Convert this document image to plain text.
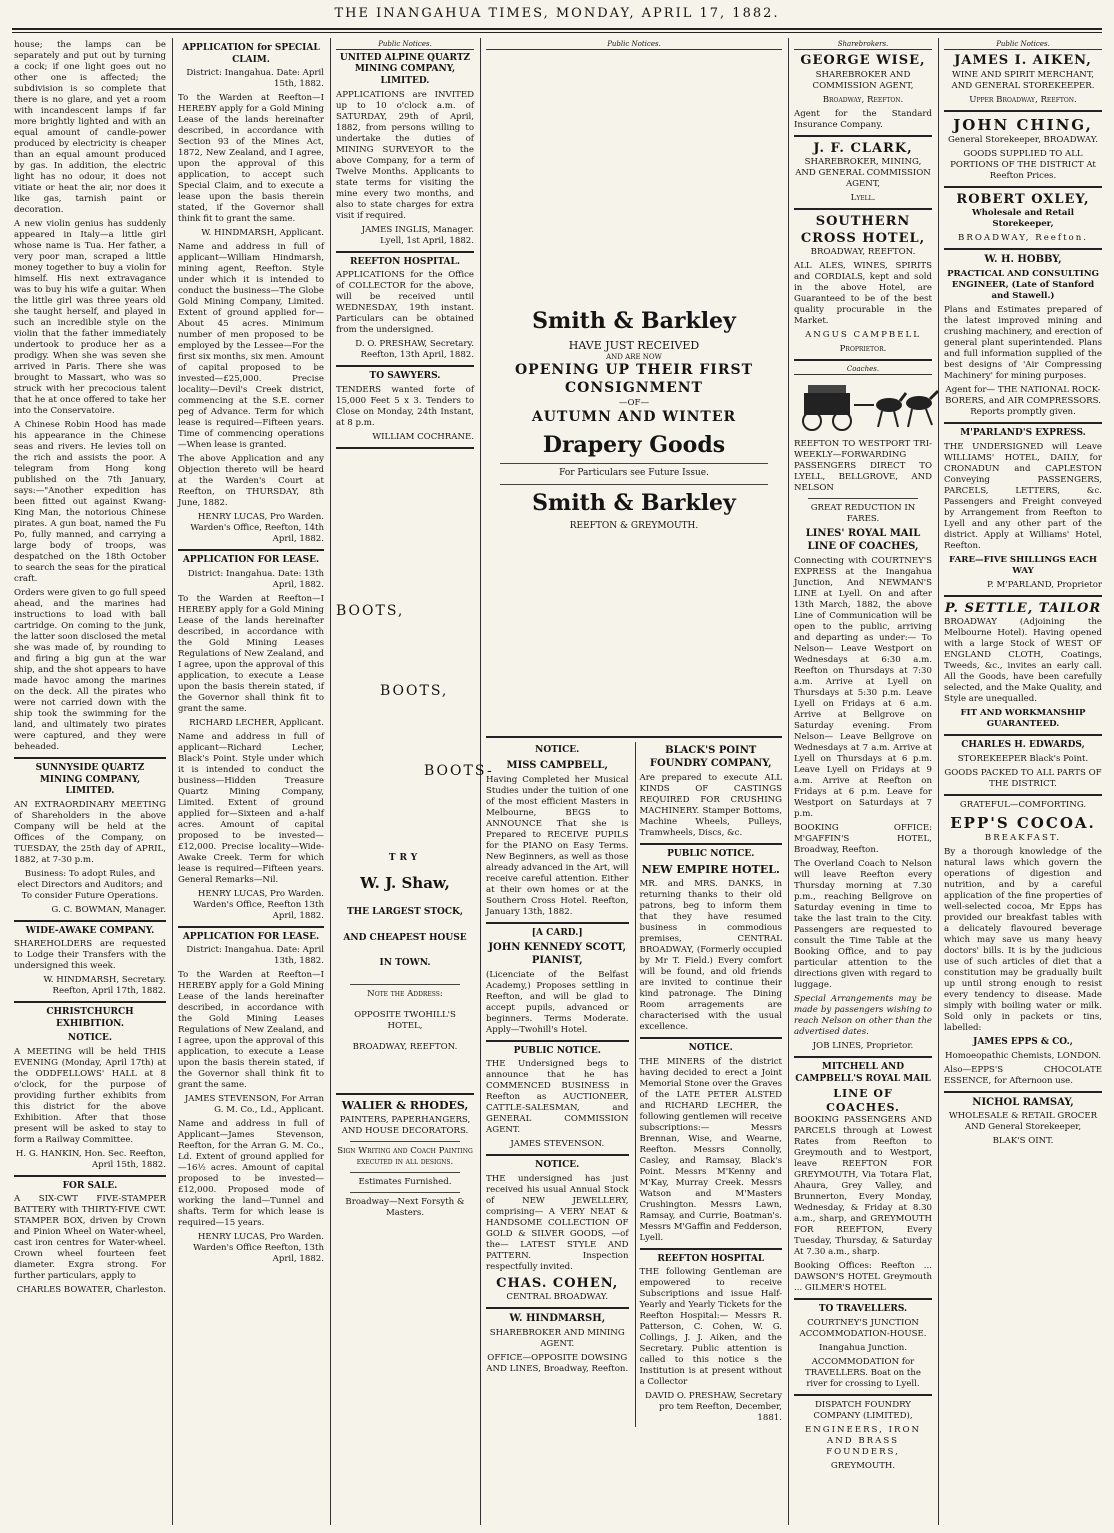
THE INANGAHUA TIMES, MONDAY, APRIL 17, 1882.

house; the lamps can be separately and put out by turning a cock; if one light goes out no other one is affected; the subdivision is so complete that there is no glare, and yet a room with incandescent lamps if far more brightly lighted and with an equal amount of candle-power produced by electricity is cheaper than an equal amount produced by gas. In addition, the electric light has no odour, it does not vitiate or heat the air, nor does it like gas, tarnish paint or decoration.

A new violin genius has suddenly appeared in Italy—a little girl whose name is Tua. Her father, a very poor man, scraped a little money together to buy a violin for himself. His next extravagance was to buy his wife a guitar. When the little girl was three years old she taught herself, and played in such an incredible style on the violin that the father immediately undertook to produce her as a prodigy. When she was seven she arrived in Paris. There she was brought to Massart, who was so struck with her precocious talent that he at once offered to take her into the Conservatoire.

A Chinese Robin Hood has made his appearance in the Chinese seas and rivers. He levies toll on the rich and assists the poor. A telegram from Hong kong published on the 7th January, says:—"Another expedition has been fitted out against Kwang-King Man, the notorious Chinese pirates. A gun boat, named the Fu Po, fully manned, and carrying a large body of troops, was despatched on the 18th October to search the seas for the piratical craft.

Orders were given to go full speed ahead, and the marines had instructions to load with ball cartridge. On coming to the junk, the latter soon disclosed the metal she was made of, by rounding to and firing a big gun at the war ship, and the shot appears to have made havoc among the marines on the deck. All the pirates who were not carried down with the ship took the swimming for the land, and ultimately two pirates were captured, and they were beheaded.

SUNNYSIDE QUARTZ MINING COMPANY, LIMITED.

AN EXTRAORDINARY MEETING of Shareholders in the above Company will be held at the Offices of the Company, on TUESDAY, the 25th day of APRIL, 1882, at 7-30 p.m.

Business: To adopt Rules, and elect Directors and Auditors; and To consider Future Operations.

G. C. BOWMAN, Manager.

WIDE-AWAKE COMPANY.

SHAREHOLDERS are requested to Lodge their Transfers with the undersigned this week.

W. HINDMARSH, Secretary. Reefton, April 17th, 1882.

CHRISTCHURCH EXHIBITION.
NOTICE.

A MEETING will be held THIS EVENING (Monday, April 17th) at the ODDFELLOWS' HALL at 8 o'clock, for the purpose of providing further exhibits from this district for the above Exhibition. After that those present will be asked to stay to form a Railway Committee.

H. G. HANKIN, Hon. Sec. Reefton, April 15th, 1882.

FOR SALE.

A SIX-CWT FIVE-STAMPER BATTERY with THIRTY-FIVE CWT. STAMPER BOX, driven by Crown and Pinion Wheel on Water-wheel, cast iron centres for Water-wheel. Crown wheel fourteen feet diameter. Exgra strong. For further particulars, apply to

CHARLES BOWATER, Charleston.

APPLICATION for SPECIAL CLAIM.

District: Inangahua. Date: April 15th, 1882.

To the Warden at Reefton—I HEREBY apply for a Gold Mining Lease of the lands hereinafter described, in accordance with Section 93 of the Mines Act, 1872, New Zealand, and I agree, upon the approval of this application, to accept such Special Claim, and to execute a lease upon the basis therein stated, if the Governor shall think fit to grant the same.

W. HINDMARSH, Applicant.

Name and address in full of applicant—William Hindmarsh, mining agent, Reefton. Style under which it is intended to conduct the business—The Globe Gold Mining Company, Limited. Extent of ground applied for—About 45 acres. Minimum number of men proposed to be employed by the Lessee—For the first six months, six men. Amount of capital proposed to be invested—£25,000. Precise locality—Devil's Creek district, commencing at the S.E. corner peg of Advance. Term for which lease is required—Fifteen years. Time of commencing operations—When lease is granted.

The above Application and any Objection thereto will be heard at the Warden's Court at Reefton, on THURSDAY, 8th June, 1882.

HENRY LUCAS, Pro Warden. Warden's Office, Reefton, 14th April, 1882.

APPLICATION FOR LEASE.

District: Inangahua. Date: 13th April, 1882.

To the Warden at Reefton—I HEREBY apply for a Gold Mining Lease of the lands hereinafter described, in accordance with the Gold Mining Leases Regulations of New Zealand, and I agree, upon the approval of this application, to execute a Lease upon the basis therein stated, if the Governor shall think fit to grant the same.

RICHARD LECHER, Applicant.

Name and address in full of applicant—Richard Lecher, Black's Point. Style under which it is intended to conduct the business—Hidden Treasure Quartz Mining Company, Limited. Extent of ground applied for—Sixteen and a-half acres. Amount of capital proposed to be invested—£12,000. Precise locality—Wide-Awake Creek. Term for which lease is required—Fifteen years. General Remarks—Nil.

HENRY LUCAS, Pro Warden. Warden's Office, Reefton 13th April, 1882.

APPLICATION FOR LEASE.

District: Inangahua. Date: April 13th, 1882.

To the Warden at Reefton—I HEREBY apply for a Gold Mining Lease of the lands hereinafter described, in accordance with the Gold Mining Leases Regulations of New Zealand, and I agree, upon the approval of this application, to execute a Lease upon the basis therein stated, if the Governor shall think fit to grant the same.

JAMES STEVENSON, For Arran G. M. Co., Ld., Applicant.

Name and address in full of Applicant—James Stevenson, Reefton, for the Arran G. M. Co., Ld. Extent of ground applied for—16½ acres. Amount of capital proposed to be invested—£12,000. Proposed mode of working the land—Tunnel and shafts. Term for which lease is required—15 years.

HENRY LUCAS, Pro Warden. Warden's Office Reefton, 13th April, 1882.

Public Notices.
UNITED ALPINE QUARTZ MINING COMPANY, LIMITED.

APPLICATIONS are INVITED up to 10 o'clock a.m. of SATURDAY, 29th of April, 1882, from persons willing to undertake the duties of MINING SURVEYOR to the above Company, for a term of Twelve Months. Applicants to state terms for visiting the mine every two months, and also to state charges for extra visit if required.

JAMES INGLIS, Manager. Lyell, 1st April, 1882.

REEFTON HOSPITAL.

APPLICATIONS for the Office of COLLECTOR for the above, will be received until WEDNESDAY, 19th instant. Particulars can be obtained from the undersigned.

D. O. PRESHAW, Secretary. Reefton, 13th April, 1882.

TO SAWYERS.

TENDERS wanted forte of 15,000 Feet 5 x 3. Tenders to Close on Monday, 24th Instant, at 8 p.m.

WILLIAM COCHRANE.

BOOTS,
BOOTS,
BOOTS-
TRY
W. J. Shaw,
THE LARGEST STOCK,
AND CHEAPEST HOUSE
IN TOWN.

Note the Address:

OPPOSITE TWOHILL'S HOTEL,

BROADWAY, REEFTON.

WALIER & RHODES,

PAINTERS, PAPERHANGERS, AND HOUSE DECORATORS.

Sign Writing and Coach Painting executed in all designs.

Estimates Furnished.

Broadway—Next Forsyth & Masters.

Public Notices.
Smith & Barkley
HAVE JUST RECEIVED
AND ARE NOW
OPENING UP THEIR FIRST CONSIGNMENT
—OF—
AUTUMN AND WINTER
Drapery Goods
For Particulars see Future Issue.
Smith & Barkley
REEFTON & GREYMOUTH.
NOTICE.
MISS CAMPBELL,

Having Completed her Musical Studies under the tuition of one of the most efficient Masters in Melbourne, BEGS to ANNOUNCE That she is Prepared to RECEIVE PUPILS for the PIANO on Easy Terms. New Beginners, as well as those already advanced in the Art, will receive careful attention. Either at their own homes or at the Southern Cross Hotel. Reefton, January 13th, 1882.

[A CARD.]
JOHN KENNEDY SCOTT, PIANIST,

(Licenciate of the Belfast Academy,) Proposes settling in Reefton, and will be glad to accept pupils, advanced or beginners. Terms Moderate. Apply—Twohill's Hotel.

PUBLIC NOTICE.

THE Undersigned begs to announce that he has COMMENCED BUSINESS in Reefton as AUCTIONEER, CATTLE-SALESMAN, and GENERAL COMMISSION AGENT.

JAMES STEVENSON.

NOTICE.

THE undersigned has just received his usual Annual Stock of NEW JEWELLERY, comprising— A VERY NEAT & HANDSOME COLLECTION OF GOLD & SILVER GOODS, —of the— LATEST STYLE AND PATTERN. Inspection respectfully invited.

CHAS. COHEN,

CENTRAL BROADWAY.

W. HINDMARSH,

SHAREBROKER AND MINING AGENT.

OFFICE—OPPOSITE DOWSING AND LINES, Broadway, Reefton.

BLACK'S POINT FOUNDRY COMPANY,

Are prepared to execute ALL KINDS OF CASTINGS REQUIRED FOR CRUSHING MACHINERY. Stamper Bottoms, Machine Wheels, Pulleys, Tramwheels, Discs, &c.

PUBLIC NOTICE.
NEW EMPIRE HOTEL.

MR. and MRS. DANKS, in returning thanks to their old patrons, beg to inform them that they have resumed business in commodious premises, CENTRAL BROADWAY, (Formerly occupied by Mr T. Field.) Every comfort will be found, and old friends are invited to continue their kind patronage. The Dining Room arragements are characterised with the usual excellence.

NOTICE.

THE MINERS of the district having decided to erect a Joint Memorial Stone over the Graves of the LATE PETER ALSTED and RICHARD LECHER, the following gentlemen will receive subscriptions:— Messrs Brennan, Wise, and Wearne, Reefton. Messrs Connolly, Casley, and Ramsay, Black's Point. Messrs M'Kenny and M'Kay, Murray Creek. Messrs Watson and M'Masters Crushington. Messrs Lawn, Ramsay, and Currie, Boatman's. Messrs M'Gaffin and Fedderson, Lyell.

REEFTON HOSPITAL

THE following Gentleman are empowered to receive Subscriptions and issue Half-Yearly and Yearly Tickets for the Reefton Hospital:— Messrs R. Patterson, C. Cohen, W. G. Collings, J. J. Aiken, and the Secretary. Public attention is called to this notice s the Institution is at present without a Collector

DAVID O. PRESHAW, Secretary pro tem Reefton, December, 1881.

Sharebrokers.
GEORGE WISE,

SHAREBROKER AND COMMISSION AGENT,

Broadway, Reefton.

Agent for the Standard Insurance Company.

J. F. CLARK,

SHAREBROKER, MINING, AND GENERAL COMMISSION AGENT,

Lyell.

SOUTHERN CROSS HOTEL,

BROADWAY, REEFTON.

ALL ALES, WINES, SPIRITS and CORDIALS, kept and sold in the above Hotel, are Guaranteed to be of the best quality procurable in the Market.

ANGUS CAMPBELL

Proprietor.

Coaches.

REEFTON TO WESTPORT TRI-WEEKLY—FORWARDING PASSENGERS DIRECT TO LYELL, BELLGROVE, AND NELSON

GREAT REDUCTION IN FARES.

LINES' ROYAL MAIL LINE OF COACHES,

Connecting with COURTNEY'S EXPRESS at the Inangahua Junction, And NEWMAN'S LINE at Lyell. On and after 13th March, 1882, the above Line of Communication will be open to the public, arriving and departing as under:— To Nelson— Leave Westport on Wednesdays at 6:30 a.m. Reefton on Thursdays at 7:30 a.m. Arrive at Lyell on Thursdays at 5:30 p.m. Leave Lyell on Fridays at 6 a.m. Arrive at Bellgrove on Saturday evening. From Nelson— Leave Bellgrove on Wednesdays at 7 a.m. Arrive at Lyell on Thursdays at 6 p.m. Leave Lyell on Fridays at 9 a.m. Arrive at Reefton on Fridays at 6 p.m. Leave for Westport on Saturdays at 7 p.m.

BOOKING OFFICE: M'GAFFIN'S HOTEL, Broadway, Reefton.

The Overland Coach to Nelson will leave Reefton every Thursday morning at 7.30 p.m., reaching Bellgrove on Saturday evening in time to take the last train to the City. Passengers are requested to consult the Time Table at the Booking Office, and to pay particular attention to the directions given with regard to luggage.

Special Arrangements may be made by passengers wishing to reach Nelson on other than the advertised dates.

JOB LINES, Proprietor.

MITCHELL AND CAMPBELL'S ROYAL MAIL
LINE OF COACHES.

BOOKING PASSENGERS AND PARCELS through at Lowest Rates from Reefton to Greymouth and to Westport, leave REEFTON FOR GREYMOUTH, Via Totara Flat, Ahaura, Grey Valley, and Brunnerton, Every Monday, Wednesday, & Friday at 8.30 a.m., sharp, and GREYMOUTH FOR REEFTON, Every Tuesday, Thursday, & Saturday At 7.30 a.m., sharp.

Booking Offices: Reefton ... DAWSON'S HOTEL Greymouth ... GILMER'S HOTEL

TO TRAVELLERS.

COURTNEY'S JUNCTION ACCOMMODATION-HOUSE.

Inangahua Junction.

ACCOMMODATION for TRAVELLERS. Boat on the river for crossing to Lyell.

DISPATCH FOUNDRY COMPANY (LIMITED),

ENGINEERS, IRON AND BRASS FOUNDERS,

GREYMOUTH.

Public Notices.
JAMES I. AIKEN,

WINE AND SPIRIT MERCHANT, AND GENERAL STOREKEEPER.

Upper Broadway, Reefton.

JOHN CHING,

General Storekeeper, BROADWAY.

GOODS SUPPLIED TO ALL PORTIONS OF THE DISTRICT At Reefton Prices.

ROBERT OXLEY,

Wholesale and Retail Storekeeper,

BROADWAY, Reefton.

W. H. HOBBY,

PRACTICAL AND CONSULTING ENGINEER, (Late of Stanford and Stawell.)

Plans and Estimates prepared of the latest improved mining and crushing machinery, and erection of general plant superintended. Plans and full information supplied of the best designs of 'Air Compressing Machinery' for mining purposes.

Agent for— THE NATIONAL ROCK-BORERS, and AIR COMPRESSORS. Reports promptly given.

M'PARLAND'S EXPRESS.

THE UNDERSIGNED will Leave WILLIAMS' HOTEL, DAILY, for CRONADUN and CAPLESTON Conveying PASSENGERS, PARCELS, LETTERS, &c. Passengers and Freight conveyed by Arrangement from Reefton to Lyell and any other part of the district. Apply at Williams' Hotel, Reefton.

FARE—FIVE SHILLINGS EACH WAY

P. M'PARLAND, Proprietor

P. SETTLE, TAILOR

BROADWAY (Adjoining the Melbourne Hotel). Having opened with a large Stock of WEST OF ENGLAND CLOTH, Coatings, Tweeds, &c., invites an early call. All the Goods, have been carefully selected, and the Make Quality, and Style are unequalled.

FIT AND WORKMANSHIP GUARANTEED.

CHARLES H. EDWARDS,

STOREKEEPER Black's Point.

GOODS PACKED TO ALL PARTS OF THE DISTRICT.

GRATEFUL—COMFORTING.

EPP'S COCOA.

BREAKFAST.

By a thorough knowledge of the natural laws which govern the operations of digestion and nutrition, and by a careful application of the fine properties of well-selected cocoa, Mr Epps has provided our breakfast tables with a delicately flavoured beverage which may save us many heavy doctors' bills. It is by the judicious use of such articles of diet that a constitution may be gradually built up until strong enough to resist every tendency to disease. Made simply with boiling water or milk. Sold only in packets or tins, labelled:

JAMES EPPS & CO.,

Homoeopathic Chemists, LONDON.

Also—EPPS'S CHOCOLATE ESSENCE, for Afternoon use.

NICHOL RAMSAY,

WHOLESALE & RETAIL GROCER AND General Storekeeper,

BLAK'S OINT.
